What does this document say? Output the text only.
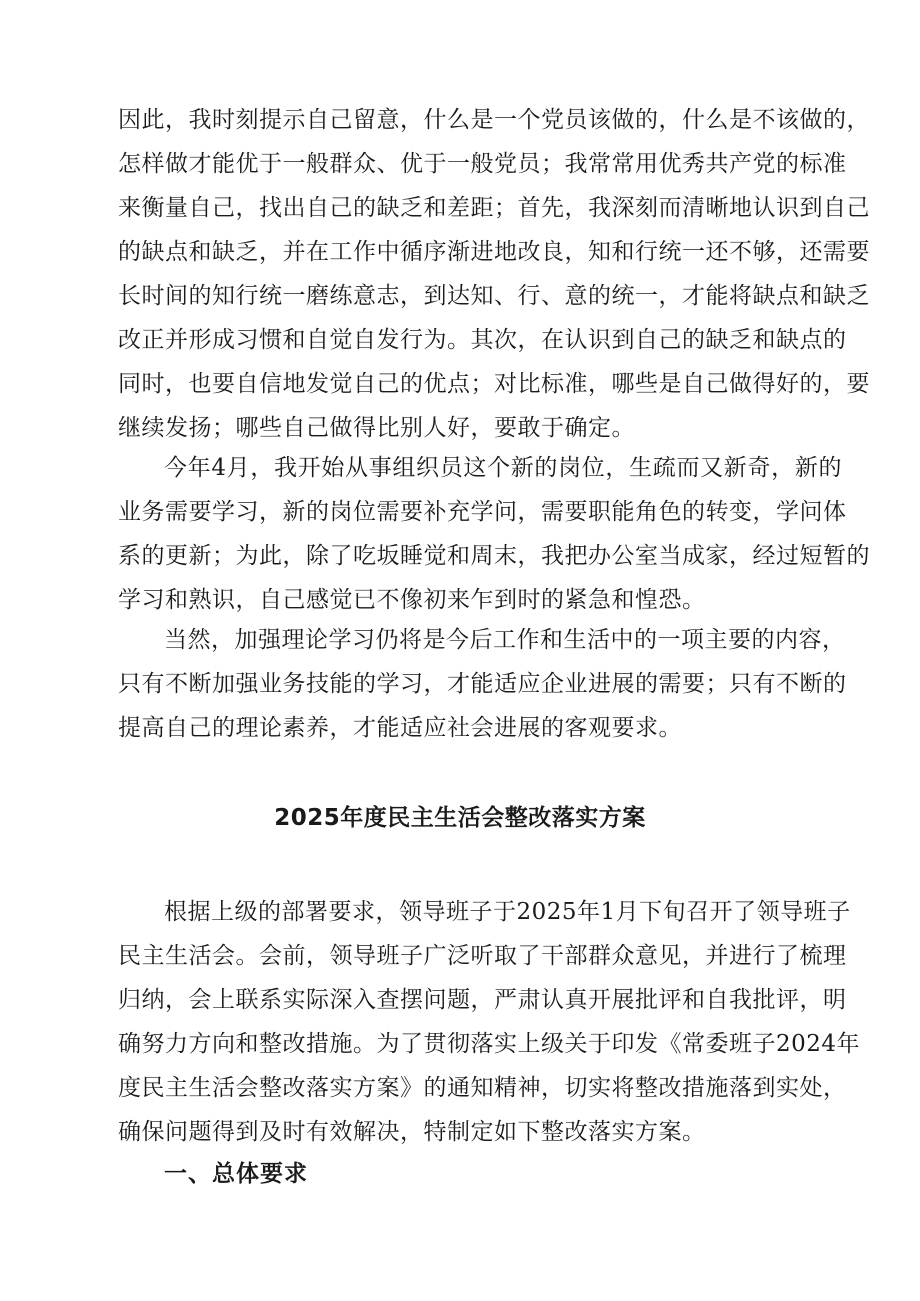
因此，我时刻提示自己留意，什么是一个党员该做的，什么是不该做的，
怎样做才能优于一般群众、优于一般党员；我常常用优秀共产党的标准
来衡量自己，找出自己的缺乏和差距；首先，我深刻而清晰地认识到自己
的缺点和缺乏，并在工作中循序渐进地改良，知和行统一还不够，还需要
长时间的知行统一磨练意志，到达知、行、意的统一，才能将缺点和缺乏
改正并形成习惯和自觉自发行为。其次，在认识到自己的缺乏和缺点的
同时，也要自信地发觉自己的优点；对比标准，哪些是自己做得好的，要
继续发扬；哪些自己做得比别人好，要敢于确定。
今年4月，我开始从事组织员这个新的岗位，生疏而又新奇，新的
业务需要学习，新的岗位需要补充学问，需要职能角色的转变，学问体
系的更新；为此，除了吃坂睡觉和周末，我把办公室当成家，经过短暂的
学习和熟识，自己感觉已不像初来乍到时的紧急和惶恐。
当然，加强理论学习仍将是今后工作和生活中的一项主要的内容，
只有不断加强业务技能的学习，才能适应企业进展的需要；只有不断的
提高自己的理论素养，才能适应社会进展的客观要求。
2025年度民主生活会整改落实方案
根据上级的部署要求，领导班子于2025年1月下旬召开了领导班子
民主生活会。会前，领导班子广泛听取了干部群众意见，并进行了梳理
归纳，会上联系实际深入查摆问题，严肃认真开展批评和自我批评，明
确努力方向和整改措施。为了贯彻落实上级关于印发《常委班子2024年
度民主生活会整改落实方案》的通知精神，切实将整改措施落到实处，
确保问题得到及时有效解决，特制定如下整改落实方案。
一、总体要求
